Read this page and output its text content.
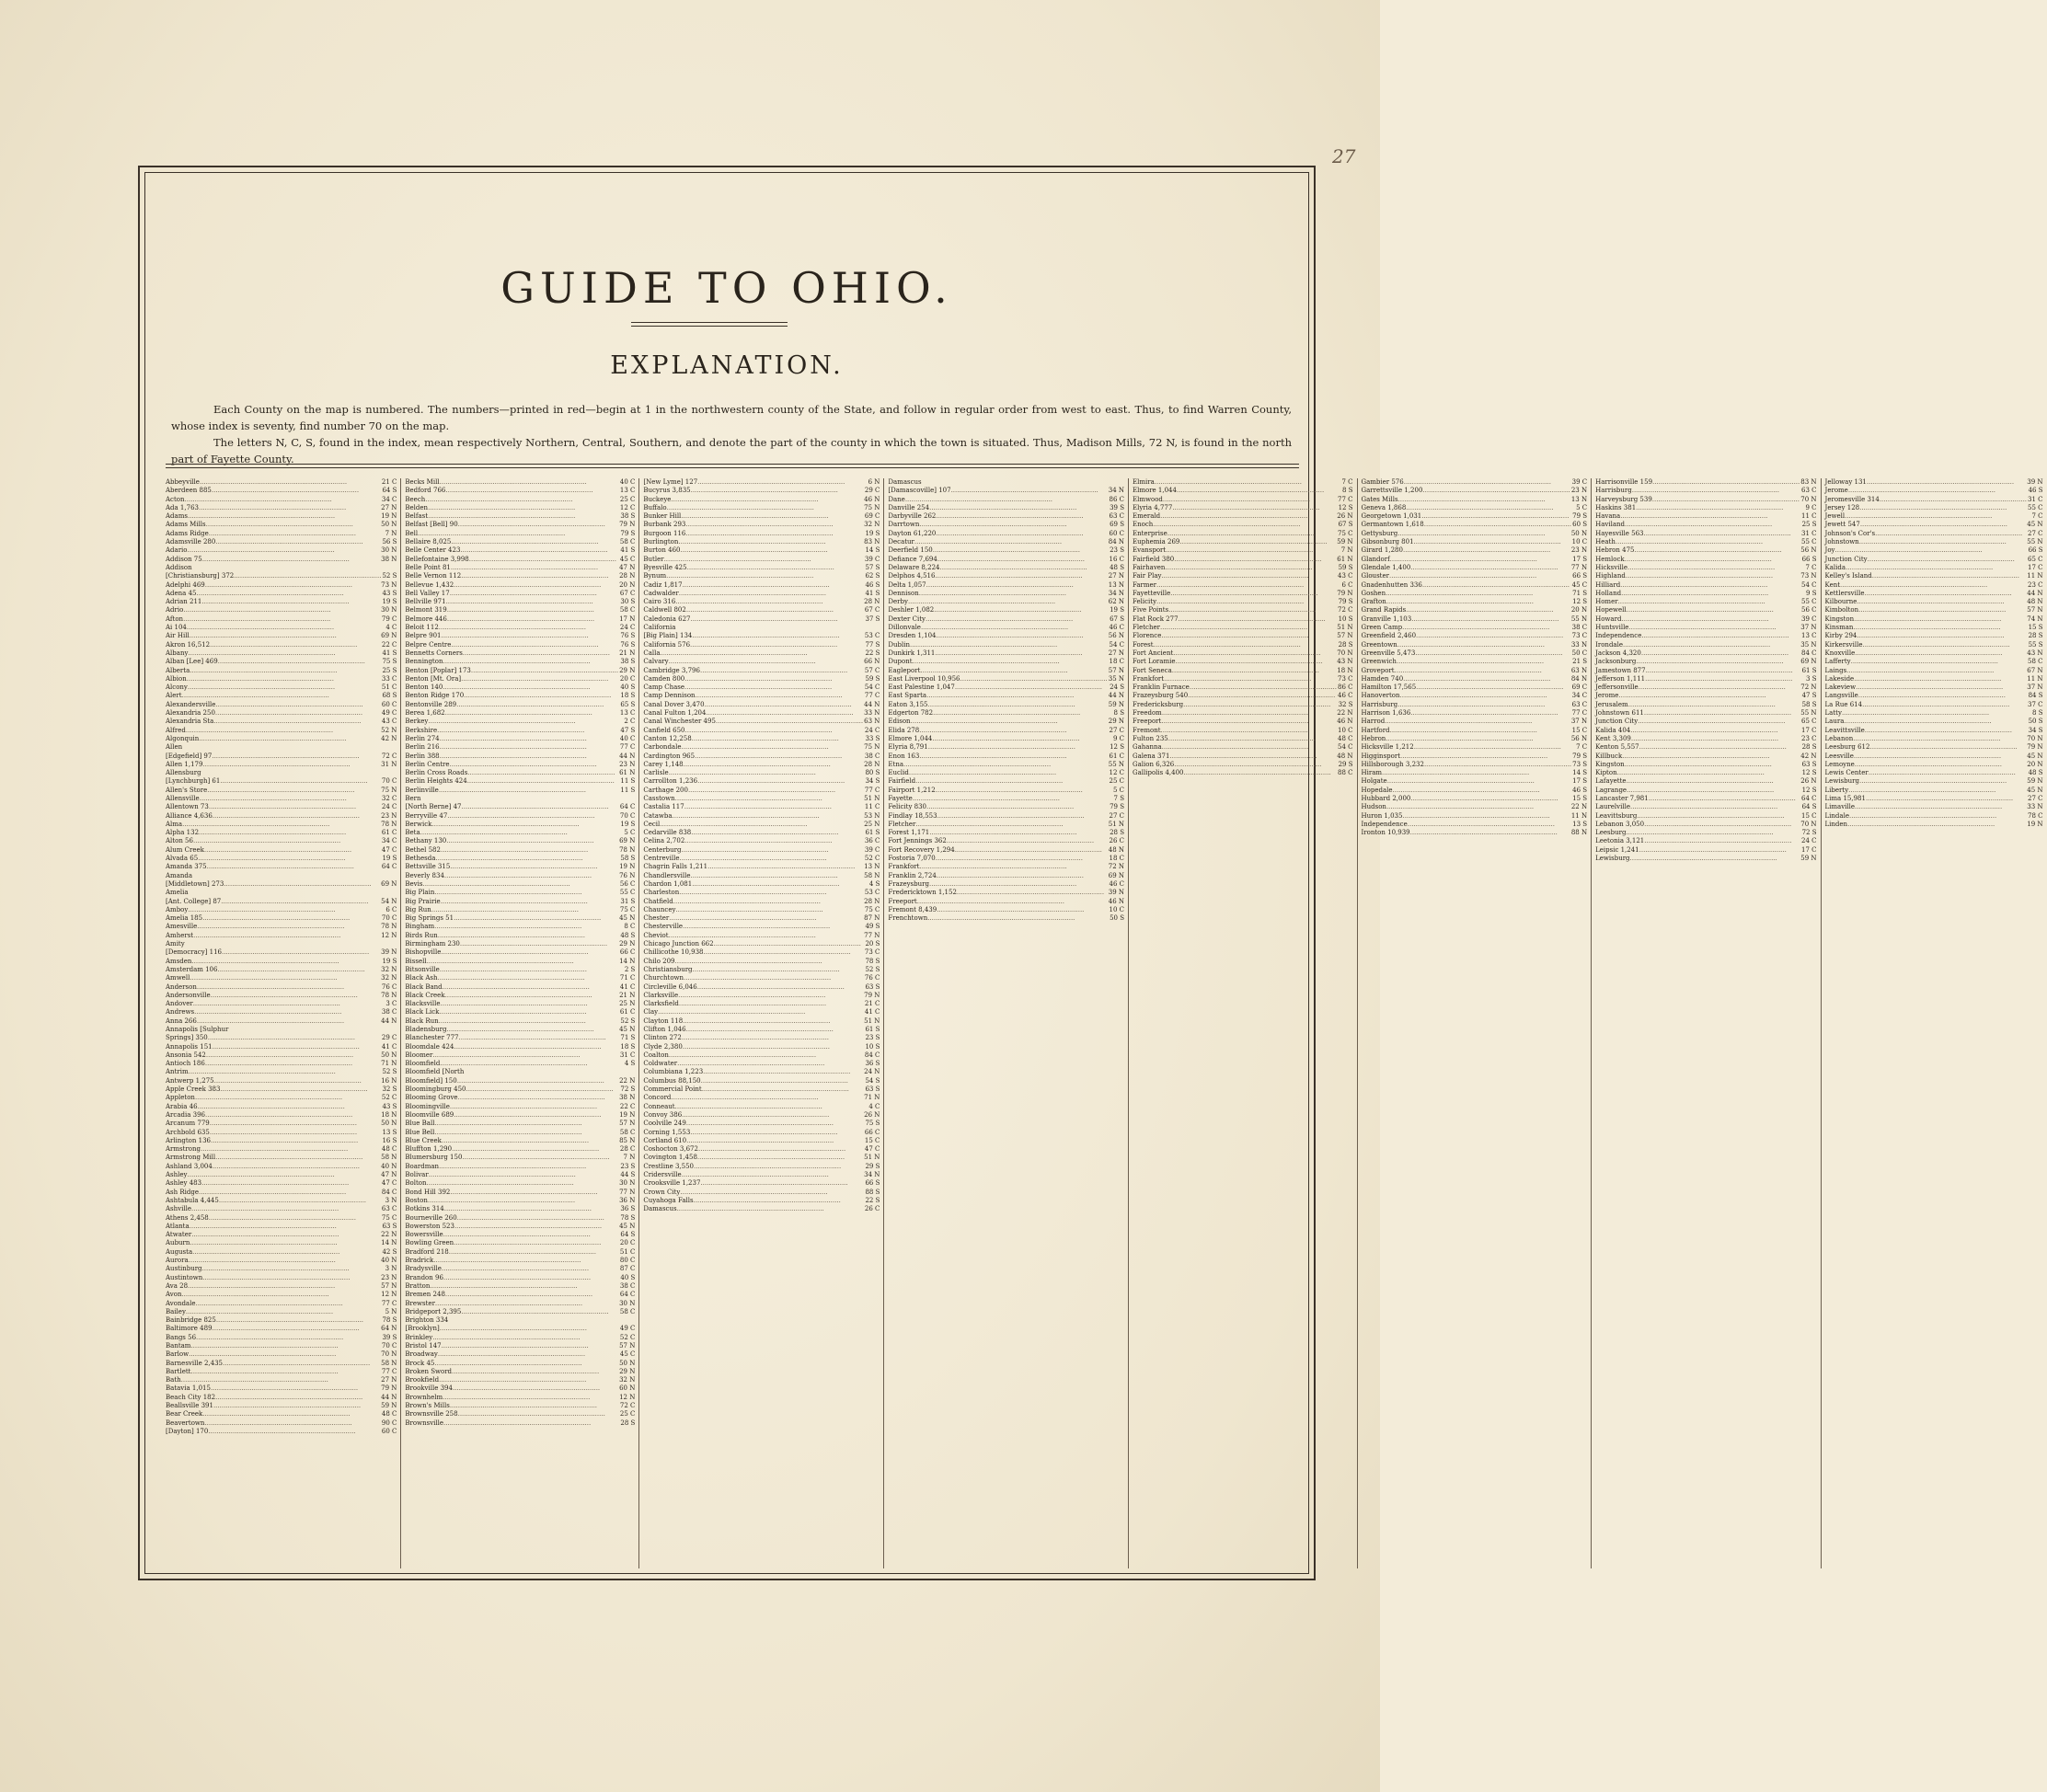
27
GUIDE TO OHIO.
EXPLANATION.

Each County on the map is numbered. The numbers—printed in red—begin at 1 in the northwestern county of the State, and follow in regular order from west to east. Thus, to find Warren County, whose index is seventy, find number 70 on the map.

The letters N, C, S, found in the index, mean respectively Northern, Central, Southern, and denote the part of the county in which the town is situated. Thus, Madison Mills, 72 N, is found in the north part of Fayette County.

Abbeyville .....	21 C
Aberdeen 885 .....	64 S
Acton .....	34 C
Ada 1,763 .....	27 N
Adams .....	19 N
Adams Mills .....	50 N
Adams Ridge .....	7 N
Adamsville 280 .....	56 S
Adario .....	30 N
Addison 75 .....	38 N
Addison
[Christiansburg] 372 .....	52 S
Adelphi 469 .....	73 N
Adena 45 .....	43 S
Adrian 211 .....	19 S
Adrio .....	30 N
Afton .....	79 C
Ai 104 .....	4 C
Air Hill .....	69 N
Akron 16,512 .....	22 C
Albany .....	41 S
Alban [Lee] 469 .....	75 S
Alberta .....	25 S
Albion .....	33 C
Alcony .....	51 C
Alert .....	68 S
Alexandersville .....	60 C
Alexandria 250 .....	49 C
Alexandria Sta .....	43 C
Alfred .....	52 N
Algonquin .....	42 N
Allen
[Edgefield] 97 .....	72 C
Allen 1,179 .....	31 N
Allensburg
[Lynchburgh] 61 .....	70 C
Allen's Store .....	75 N
Allensville .....	32 C
Allentown 73 .....	24 C
Alliance 4,636 .....	23 N
Alma .....	78 N
Alpha 132 .....	61 C
Alton 56 .....	34 C
Alum Creek .....	47 C
Alvada 65 .....	19 S
Amanda 375 .....	64 C
Amanda
[Middletown] 273 .....	69 N
Amelia
[Ant. College] 87 .....	54 N
Amboy .....	6 C
Amelia 185 .....	70 C
Amesville .....	78 N
Amherst .....	12 N
Amity
[Democracy] 116 .....	39 N
Amsden .....	19 S
Amsterdam 106 .....	32 N
Amwell .....	32 N
Anderson .....	76 C
Andersonville .....	78 N
Andover .....	3 C
Andrews .....	38 C
Anna 266 .....	44 N
Annapolis [Sulphur
Springs] 350 .....	29 C
Annapolis 151 .....	41 C
Ansonia 542 .....	50 N
Antioch 186 .....	71 N
Antrim .....	52 S
Antwerp 1,275 .....	16 N
Apple Creek 383 .....	32 S
Appleton .....	52 C
Arabia 46 .....	43 S
Arcadia 396 .....	18 N
Arcanum 779 .....	50 N
Archbold 635 .....	13 S
Arlington 136 .....	16 S
Armstrong .....	48 C
Armstrong Mill .....	58 N
Ashland 3,004 .....	40 N
Ashley .....	47 N
Ashley 483 .....	47 C
Ash Ridge .....	84 C
Ashtabula 4,445 .....	3 N
Ashville .....	63 C
Athens 2,458 .....	75 C
Atlanta .....	63 S
Atwater .....	22 N
Auburn .....	14 N
Augusta .....	42 S
Aurora .....	40 N
Austinburg .....	3 N
Austintown .....	23 N
Ava 28 .....	57 N
Avon .....	12 N
Avondale .....	77 C
Bailey .....	5 N
Bainbridge 825 .....	78 S
Baltimore 489 .....	64 N
Bangs 56 .....	39 S
Bantam .....	70 C
Barlow .....	70 N
Barnesville 2,435 .....	58 N
Bartlett .....	77 C
Bath .....	27 N
Batavia 1,015 .....	79 N
Beach City 182 .....	44 N
Beallsville 391 .....	59 N
Bear Creek .....	48 C
Beavertown .....	90 C
[Dayton] 170 .....	60 C
Becks Mill .....	40 C
Bedford 766 .....	13 C
Beech .....	25 C
Belden .....	12 C
Belfast .....	38 S
Belfast [Bell] 90 .....	79 N
Bell .....	79 S
Bellaire 8,025 .....	58 C
Belle Center 423 .....	41 S
Bellefontaine 3,998 .....	45 C
Belle Point 81 .....	47 N
Belle Vernon 112 .....	28 N
Bellevue 1,432 .....	20 N
Bell Valley 17 .....	67 C
Bellville 971 .....	30 S
Belmont 319 .....	58 C
Belmore 446 .....	17 N
Beloit 112 .....	24 C
Belpre 901 .....	76 S
Belpre Centre .....	76 S
Bennetts Corners .....	21 N
Bennington .....	38 S
Benton [Poplar] 173 .....	29 N
Benton [Mt. Ora] .....	20 C
Benton 140 .....	40 S
Benton Ridge 170 .....	18 S
Bentonville 289 .....	65 S
Berea 1,682 .....	13 C
Berkey .....	2 C
Berkshire .....	47 S
Berlin 274 .....	40 C
Berlin 216 .....	77 C
Berlin 388 .....	44 N
Berlin Centre .....	23 N
Berlin Cross Roads .....	61 N
Berlin Heights 424 .....	11 S
Berlinville .....	11 S
Bern
[North Berne] 47 .....	64 C
Berryville 47 .....	70 C
Berwick .....	19 S
Beta .....	5 C
Bethany 130 .....	69 N
Bethel 582 .....	78 N
Bethesda .....	58 S
Bettsville 315 .....	19 N
Beverly 834 .....	76 N
Bevis .....	56 C
Big Plain .....	55 C
Big Prairie .....	31 S
Big Run .....	75 C
Big Springs 51 .....	45 N
Bingham .....	8 C
Birds Run .....	48 S
Birmingham 230 .....	29 N
Bishopville .....	66 C
Bissell .....	14 N
Bitsonville .....	2 S
Black Ash .....	71 C
Black Band .....	41 C
Black Creek .....	21 N
Blacksville .....	25 N
Black Lick .....	61 C
Black Run .....	52 S
Bladensburg .....	45 N
Blanchester 777 .....	71 S
Bloomdale 424 .....	18 S
Bloomer .....	31 C
Bloomfield .....	4 S
Bloomfield [North
Bloomfield] 150 .....	22 N
Bloomingburg 450 .....	72 S
Blooming Grove .....	38 N
Bloomingville .....	22 C
Bloomville 689 .....	19 N
Blue Ball .....	57 N
Blue Bell .....	58 C
Blue Creek .....	85 N
Bluffton 1,290 .....	28 C
Blumersburg 150 .....	7 N
Boardman .....	23 S
Bolivar .....	44 S
Bolton .....	30 N
Bond Hill 392 .....	77 N
Boston .....	36 N
Botkins 314 .....	36 S
Bourneville 260 .....	78 S
Bowerston 523 .....	45 N
Bowersville .....	64 S
Bowling Green .....	20 C
Bradford 218 .....	51 C
Bradrick .....	80 C
Bradysville .....	87 C
Brandon 96 .....	40 S
Bratton .....	38 C
Bremen 248 .....	64 C
Brewster .....	30 N
Bridgeport 2,395 .....	58 C
Brighton 334
[Brooklyn] .....	49 C
Brinkley .....	52 C
Bristol 147 .....	57 N
Broadway .....	45 C
Brock 45 .....	50 N
Broken Sword .....	29 N
Brookfield .....	32 N
Brookville 394 .....	60 N
Brownhelm .....	12 N
Brown's Mills .....	72 C
Brownsville 258 .....	25 C
Brownsville .....	28 S
[New Lyme] 127 .....	6 N
Bucyrus 3,835 .....	29 C
Buckeye .....	46 N
Buffalo .....	75 N
Bunker Hill .....	69 C
Burbank 293 .....	32 N
Burgoon 116 .....	19 S
Burlington .....	83 N
Burton 460 .....	14 S
Butler .....	39 C
Byesville 425 .....	57 S
Bynum .....	62 S
Cadiz 1,817 .....	46 S
Cadwalder .....	41 S
Cairo 316 .....	28 N
Caldwell 802 .....	67 C
Caledonia 627 .....	37 S
California
[Big Plain] 134 .....	53 C
California 576 .....	77 S
Calla .....	22 S
Calvary .....	66 N
Cambridge 3,796 .....	57 C
Camden 800 .....	59 S
Camp Chase .....	54 C
Camp Dennison .....	77 C
Canal Dover 3,470 .....	44 N
Canal Fulton 1,204 .....	33 N
Canal Winchester 495 .....	63 N
Canfield 650 .....	24 C
Canton 12,258 .....	33 S
Carbondale .....	75 N
Cardington 965 .....	38 C
Carey 1,148 .....	28 N
Carlisle .....	80 S
Carrollton 1,236 .....	34 S
Carthage 200 .....	77 C
Casstown .....	51 N
Castalia 117 .....	11 C
Catawba .....	53 N
Cecil .....	25 N
Cedarville 838 .....	61 S
Celina 2,702 .....	36 C
Centerburg .....	39 C
Centreville .....	52 C
Chagrin Falls 1,211 .....	13 N
Chandlersville .....	58 N
Chardon 1,081 .....	4 S
Charleston .....	53 C
Chatfield .....	28 N
Chauncey .....	75 C
Chester .....	87 N
Chesterville .....	49 S
Cheviot .....	77 N
Chicago Junction 662 .....	20 S
Chillicothe 10,938 .....	73 C
Chilo 209 .....	78 S
Christiansburg .....	52 S
Churchtown .....	76 C
Circleville 6,046 .....	63 S
Clarksville .....	79 N
Clarksfield .....	21 C
Clay .....	41 C
Clayton 118 .....	51 N
Clifton 1,046 .....	61 S
Clinton 272 .....	23 S
Clyde 2,380 .....	10 S
Coalton .....	84 C
Coldwater .....	36 S
Columbiana 1,223 .....	24 N
Columbus 88,150 .....	54 S
Commercial Point .....	63 S
Concord .....	71 N
Conneaut .....	4 C
Convoy 386 .....	26 N
Coolville 249 .....	75 S
Corning 1,553 .....	66 C
Cortland 610 .....	15 C
Coshocton 3,672 .....	47 C
Covington 1,458 .....	51 N
Crestline 3,550 .....	29 S
Cridersville .....	34 N
Crooksville 1,237 .....	66 S
Crown City .....	88 S
Cuyahoga Falls .....	22 S
Damascus .....	26 C
Damascus
[Damascoville] 107 .....	34 N
Dane .....	86 C
Danville 254 .....	39 S
Darbyville 262 .....	63 C
Darrtown .....	69 S
Dayton 61,220 .....	60 C
Decatur .....	84 N
Deerfield 150 .....	23 S
Defiance 7,694 .....	16 C
Delaware 8,224 .....	48 S
Delphos 4,516 .....	27 N
Delta 1,057 .....	13 N
Dennison .....	34 N
Derby .....	62 N
Deshler 1,082 .....	19 S
Dexter City .....	67 S
Dillonvale .....	46 C
Dresden 1,104 .....	56 N
Dublin .....	54 C
Dunkirk 1,311 .....	27 N
Dupont .....	18 C
Eagleport .....	57 N
East Liverpool 10,956 .....	35 N
East Palestine 1,047 .....	24 S
East Sparta .....	44 N
Eaton 3,155 .....	59 N
Edgerton 782 .....	8 S
Edison .....	29 N
Elida 278 .....	27 C
Elmore 1,044 .....	9 C
Elyria 8,791 .....	12 S
Enon 163 .....	61 C
Etna .....	55 N
Euclid .....	12 C
Fairfield .....	25 C
Fairport 1,212 .....	5 C
Fayette .....	7 S
Felicity 830 .....	79 S
Findlay 18,553 .....	27 C
Fletcher .....	51 N
Forest 1,171 .....	28 S
Fort Jennings 362 .....	26 C
Fort Recovery 1,294 .....	48 N
Fostoria 7,070 .....	18 C
Frankfort .....	72 N
Franklin 2,724 .....	69 N
Frazeysburg .....	46 C
Fredericktown 1,152 .....	39 N
Freeport .....	46 N
Fremont 8,439 .....	10 C
Frenchtown .....	50 S
Elmira .....	7 C
Elmore 1,044 .....	8 S
Elmwood .....	77 C
Elyria 4,777 .....	12 S
Emerald .....	26 N
Enoch .....	67 S
Enterprise .....	75 C
Euphemia 269 .....	59 N
Evansport .....	7 N
Fairfield 380 .....	61 N
Fairhaven .....	59 S
Fair Play .....	43 C
Farmer .....	6 C
Fayetteville .....	79 N
Felicity .....	79 S
Five Points .....	72 C
Flat Rock 277 .....	10 S
Fletcher .....	51 N
Florence .....	57 N
Forest .....	28 S
Fort Ancient .....	70 N
Fort Loramie .....	43 N
Fort Seneca .....	18 N
Frankfort .....	73 C
Franklin Furnace .....	86 C
Frazeysburg 540 .....	46 C
Fredericksburg .....	32 S
Freedom .....	22 N
Freeport .....	46 N
Fremont .....	10 C
Fulton 235 .....	48 C
Gahanna .....	54 C
Galena 371 .....	48 N
Galion 6,326 .....	29 S
Gallipolis 4,400 .....	88 C
Gambier 576 .....	39 C
Garrettsville 1,200 .....	23 N
Gates Mills .....	13 N
Geneva 1,868 .....	5 C
Georgetown 1,031 .....	79 S
Germantown 1,618 .....	60 S
Gettysburg .....	50 N
Gibsonburg 801 .....	10 C
Girard 1,280 .....	23 N
Glandorf .....	17 S
Glendale 1,400 .....	77 N
Glouster .....	66 S
Gnadenhutten 336 .....	45 C
Goshen .....	71 S
Grafton .....	12 S
Grand Rapids .....	20 N
Granville 1,103 .....	55 N
Green Camp .....	38 C
Greenfield 2,460 .....	73 C
Greentown .....	33 N
Greenville 5,473 .....	50 C
Greenwich .....	21 S
Groveport .....	63 N
Hamden 740 .....	84 N
Hamilton 17,565 .....	69 C
Hanoverton .....	34 C
Harrisburg .....	63 C
Harrison 1,636 .....	77 C
Harrod .....	37 N
Hartford .....	15 C
Hebron .....	56 N
Hicksville 1,212 .....	7 C
Higginsport .....	79 S
Hillsborough 3,232 .....	73 S
Hiram .....	14 S
Holgate .....	17 S
Hopedale .....	46 S
Hubbard 2,000 .....	15 S
Hudson .....	22 N
Huron 1,035 .....	11 N
Independence .....	13 S
Ironton 10,939 .....	88 N
Harrisonville 159 .....	83 N
Harrisburg .....	63 C
Harveysburg 539 .....	70 N
Haskins 381 .....	9 C
Havana .....	11 C
Haviland .....	25 S
Hayesville 563 .....	31 C
Heath .....	55 C
Hebron 475 .....	56 N
Hemlock .....	66 S
Hicksville .....	7 C
Highland .....	73 N
Hilliard .....	54 C
Holland .....	9 S
Homer .....	55 C
Hopewell .....	56 C
Howard .....	39 C
Huntsville .....	37 N
Independence .....	13 C
Irondale .....	35 N
Jackson 4,320 .....	84 C
Jacksonburg .....	69 N
Jamestown 877 .....	61 S
Jefferson 1,111 .....	3 S
Jeffersonville .....	72 N
Jerome .....	47 S
Jerusalem .....	58 S
Johnstown 611 .....	55 N
Junction City .....	65 C
Kalida 404 .....	17 C
Kent 3,309 .....	23 C
Kenton 5,557 .....	28 S
Killbuck .....	42 N
Kingston .....	63 S
Kipton .....	12 S
Lafayette .....	26 N
Lagrange .....	12 S
Lancaster 7,981 .....	64 C
Laurelville .....	64 S
Leavittsburg .....	15 C
Lebanon 3,050 .....	70 N
Leesburg .....	72 S
Leetonia 3,121 .....	24 C
Leipsic 1,241 .....	17 C
Lewisburg .....	59 N
Jelloway 131 .....	39 N
Jerome .....	46 S
Jeromesville 314 .....	31 C
Jersey 128 .....	55 C
Jewell .....	7 C
Jewett 547 .....	45 N
Johnson's Cor's .....	27 C
Johnstown .....	55 N
Joy .....	66 S
Junction City .....	65 C
Kalida .....	17 C
Kelley's Island .....	11 N
Kent .....	23 C
Kettlersville .....	44 N
Kilbourne .....	48 N
Kimbolton .....	57 N
Kingston .....	74 N
Kinsman .....	15 S
Kirby 294 .....	28 S
Kirkersville .....	55 S
Knoxville .....	43 N
Lafferty .....	58 C
Laings .....	67 N
Lakeside .....	11 N
Lakeview .....	37 N
Langsville .....	84 S
La Rue 614 .....	37 C
Latty .....	8 S
Laura .....	50 S
Leavittsville .....	34 S
Lebanon .....	70 N
Leesburg 612 .....	79 N
Leesville .....	45 N
Lemoyne .....	20 N
Lewis Center .....	48 S
Lewisburg .....	59 N
Liberty .....	45 N
Lima 15,981 .....	27 C
Limaville .....	33 N
Lindale .....	78 C
Linden .....	19 N
